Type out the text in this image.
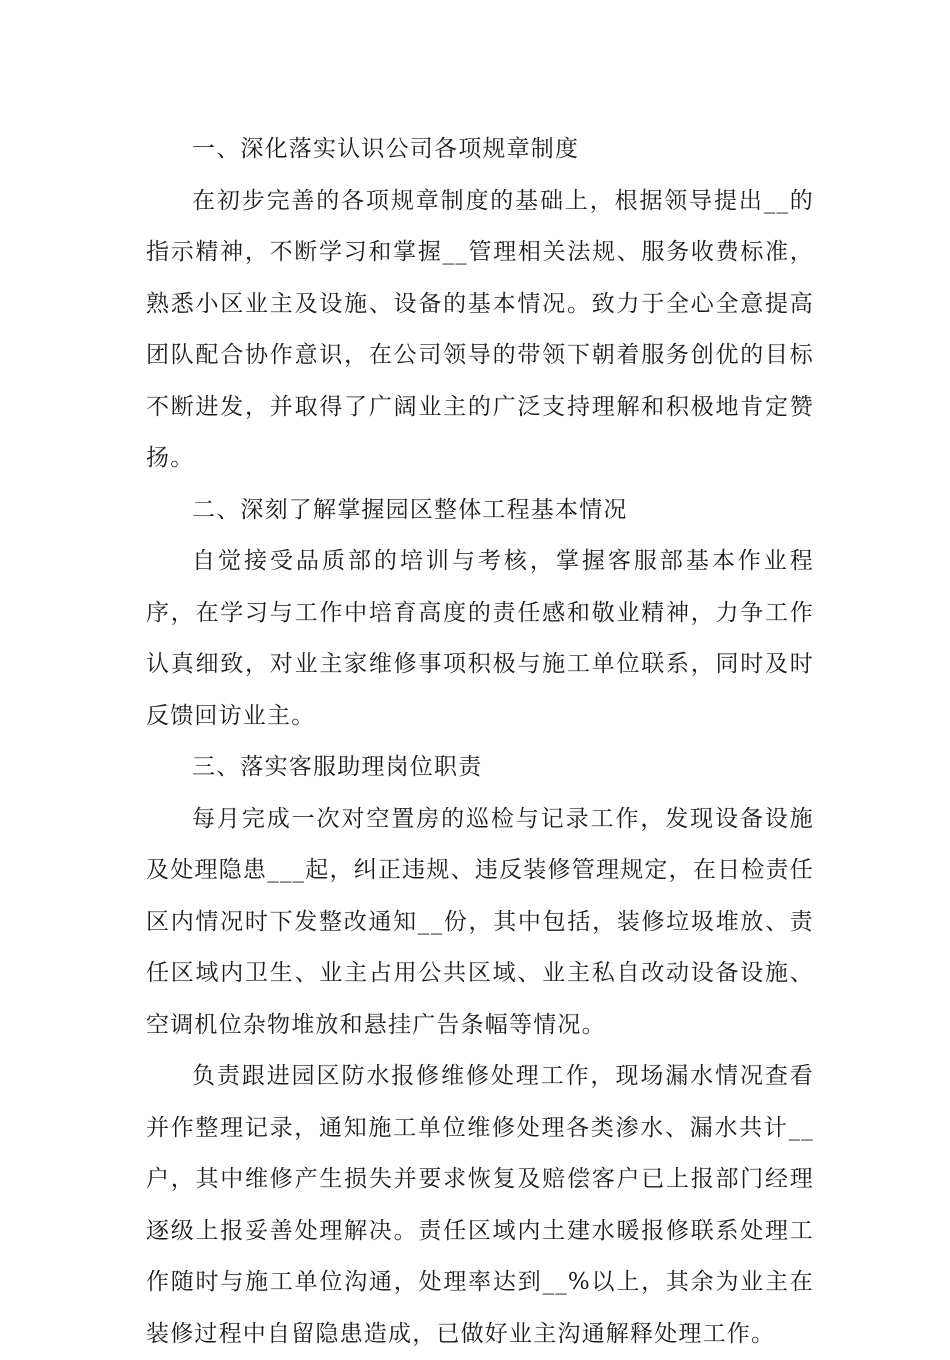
一、深化落实认识公司各项规章制度

在初步完善的各项规章制度的基础上，根据领导提出__的指示精神，不断学习和掌握__管理相关法规、服务收费标准，熟悉小区业主及设施、设备的基本情况。致力于全心全意提高团队配合协作意识，在公司领导的带领下朝着服务创优的目标不断进发，并取得了广阔业主的广泛支持理解和积极地肯定赞扬。

二、深刻了解掌握园区整体工程基本情况

自觉接受品质部的培训与考核，掌握客服部基本作业程序，在学习与工作中培育高度的责任感和敬业精神，力争工作认真细致，对业主家维修事项积极与施工单位联系，同时及时反馈回访业主。

三、落实客服助理岗位职责

每月完成一次对空置房的巡检与记录工作，发现设备设施及处理隐患___起，纠正违规、违反装修管理规定，在日检责任区内情况时下发整改通知__份，其中包括，装修垃圾堆放、责任区域内卫生、业主占用公共区域、业主私自改动设备设施、空调机位杂物堆放和悬挂广告条幅等情况。

负责跟进园区防水报修维修处理工作，现场漏水情况查看并作整理记录，通知施工单位维修处理各类渗水、漏水共计__户，其中维修产生损失并要求恢复及赔偿客户已上报部门经理逐级上报妥善处理解决。责任区域内土建水暖报修联系处理工作随时与施工单位沟通，处理率达到__%以上，其余为业主在装修过程中自留隐患造成，已做好业主沟通解释处理工作。
